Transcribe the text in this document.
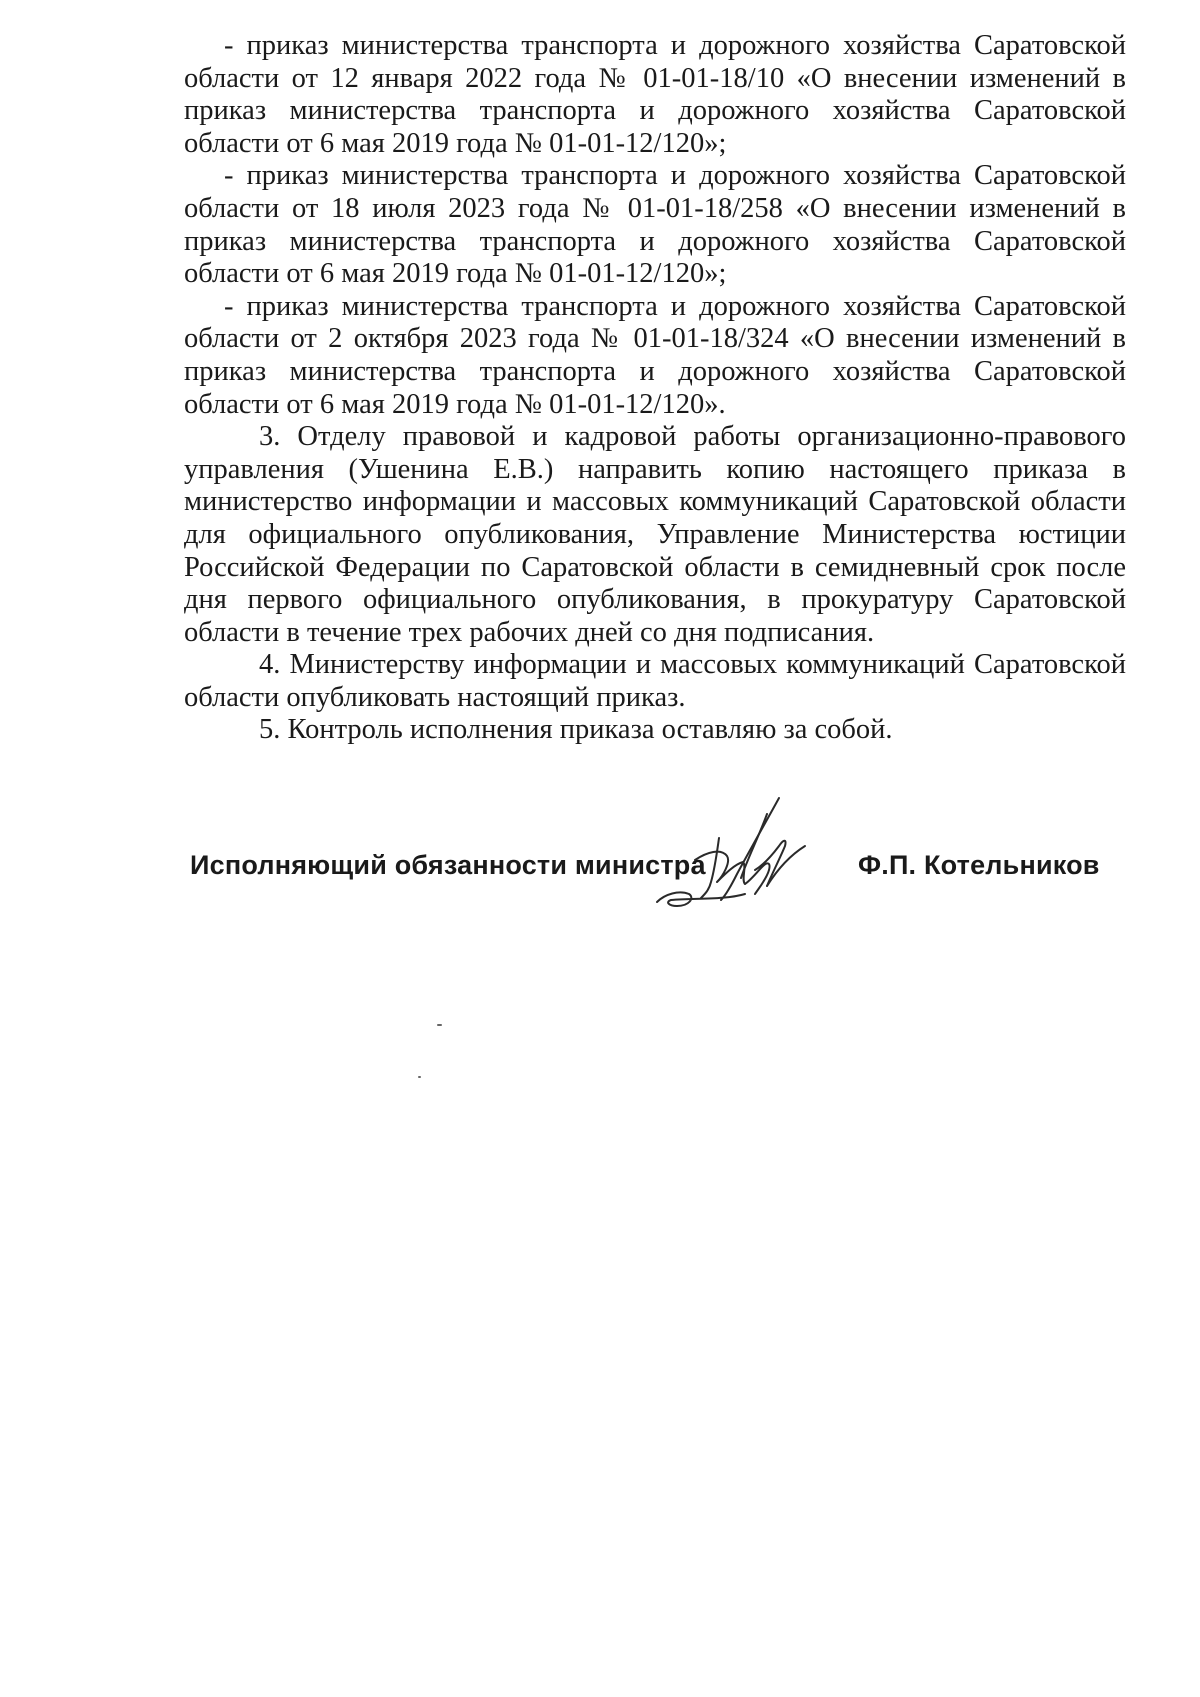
- приказ министерства транспорта и дорожного хозяйства Саратовской области от 12 января 2022 года № 01-01-18/10 «О внесении изменений в приказ министерства транспорта и дорожного хозяйства Саратовской области от 6 мая 2019 года № 01-01-12/120»;

- приказ министерства транспорта и дорожного хозяйства Саратовской области от 18 июля 2023 года № 01-01-18/258 «О внесении изменений в приказ министерства транспорта и дорожного хозяйства Саратовской области от 6 мая 2019 года № 01-01-12/120»;

- приказ министерства транспорта и дорожного хозяйства Саратовской области от 2 октября 2023 года № 01-01-18/324 «О внесении изменений в приказ министерства транспорта и дорожного хозяйства Саратовской области от 6 мая 2019 года № 01-01-12/120».

3. Отделу правовой и кадровой работы организационно-правового управления (Ушенина Е.В.) направить копию настоящего приказа в министерство информации и массовых коммуникаций Саратовской области для официального опубликования, Управление Министерства юстиции Российской Федерации по Саратовской области в семидневный срок после дня первого официального опубликования, в прокуратуру Саратовской области в течение трех рабочих дней со дня подписания.

4. Министерству информации и массовых коммуникаций Саратовской области опубликовать настоящий приказ.

5. Контроль исполнения приказа оставляю за собой.

Исполняющий обязанности министра	Ф.П. Котельников
